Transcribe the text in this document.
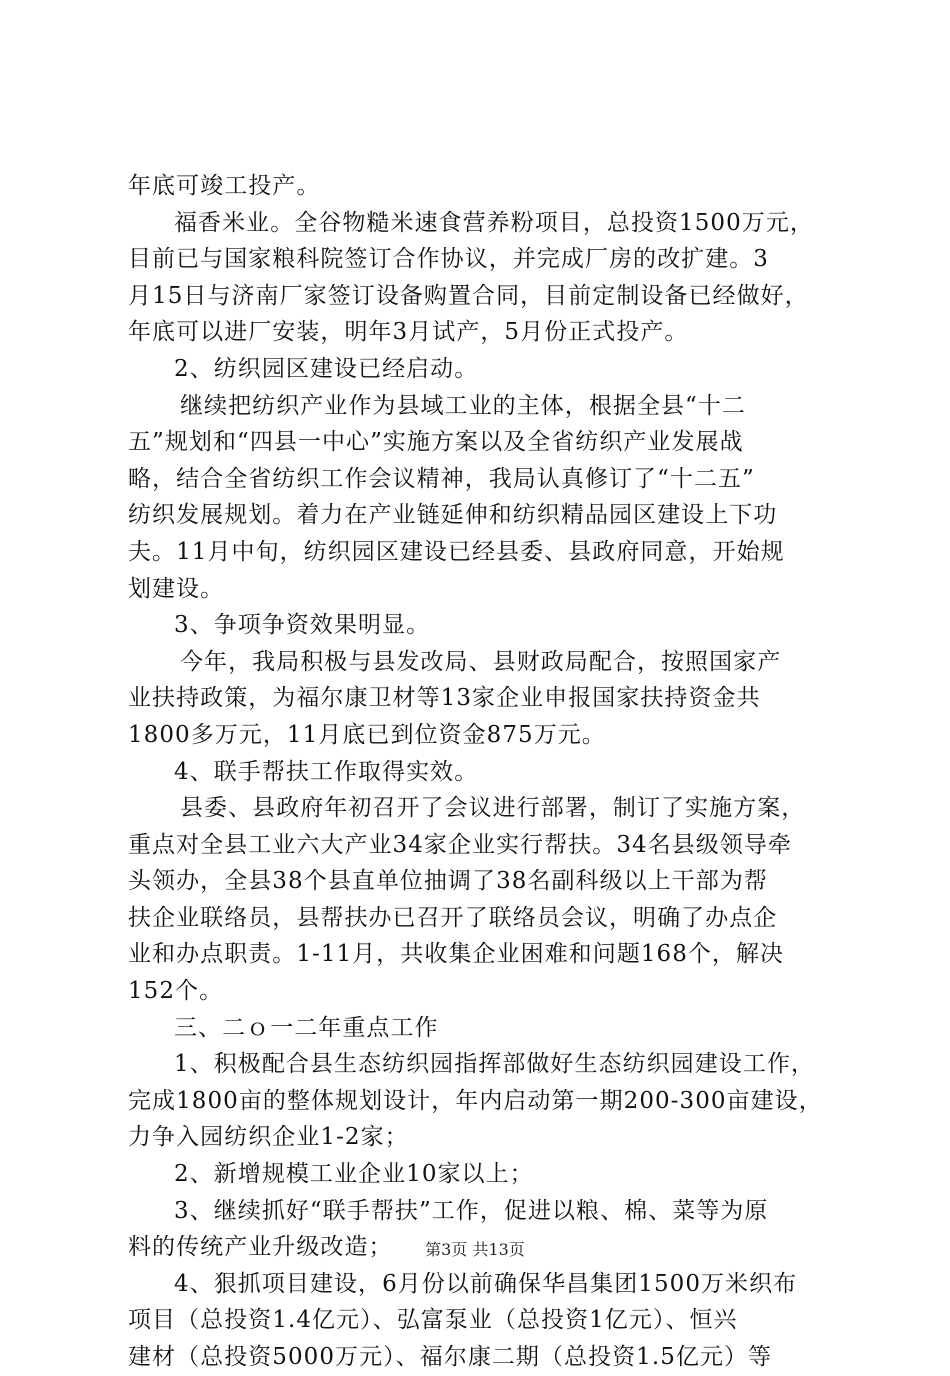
年底可竣工投产。
福香米业。全谷物糙米速食营养粉项目，总投资1500万元，
目前已与国家粮科院签订合作协议，并完成厂房的改扩建。3
月15日与济南厂家签订设备购置合同，目前定制设备已经做好，
年底可以进厂安装，明年3月试产，5月份正式投产。
2、纺织园区建设已经启动。
继续把纺织产业作为县域工业的主体，根据全县“十二
五”规划和“四县一中心”实施方案以及全省纺织产业发展战
略，结合全省纺织工作会议精神，我局认真修订了“十二五”
纺织发展规划。着力在产业链延伸和纺织精品园区建设上下功
夫。11月中旬，纺织园区建设已经县委、县政府同意，开始规
划建设。
3、争项争资效果明显。
今年，我局积极与县发改局、县财政局配合，按照国家产
业扶持政策，为福尔康卫材等13家企业申报国家扶持资金共
1800多万元，11月底已到位资金875万元。
4、联手帮扶工作取得实效。
县委、县政府年初召开了会议进行部署，制订了实施方案，
重点对全县工业六大产业34家企业实行帮扶。34名县级领导牵
头领办，全县38个县直单位抽调了38名副科级以上干部为帮
扶企业联络员，县帮扶办已召开了联络员会议，明确了办点企
业和办点职责。1-11月，共收集企业困难和问题168个，解决
152个。
三、二ｏ一二年重点工作
1、积极配合县生态纺织园指挥部做好生态纺织园建设工作，
完成1800亩的整体规划设计，年内启动第一期200-300亩建设，
力争入园纺织企业1-2家；
2、新增规模工业企业10家以上；
3、继续抓好“联手帮扶”工作，促进以粮、棉、菜等为原
料的传统产业升级改造；
4、狠抓项目建设，6月份以前确保华昌集团1500万米织布
项目（总投资1.4亿元）、弘富泵业（总投资1亿元）、恒兴
建材（总投资5000万元）、福尔康二期（总投资1.5亿元）等
第3页 共13页
